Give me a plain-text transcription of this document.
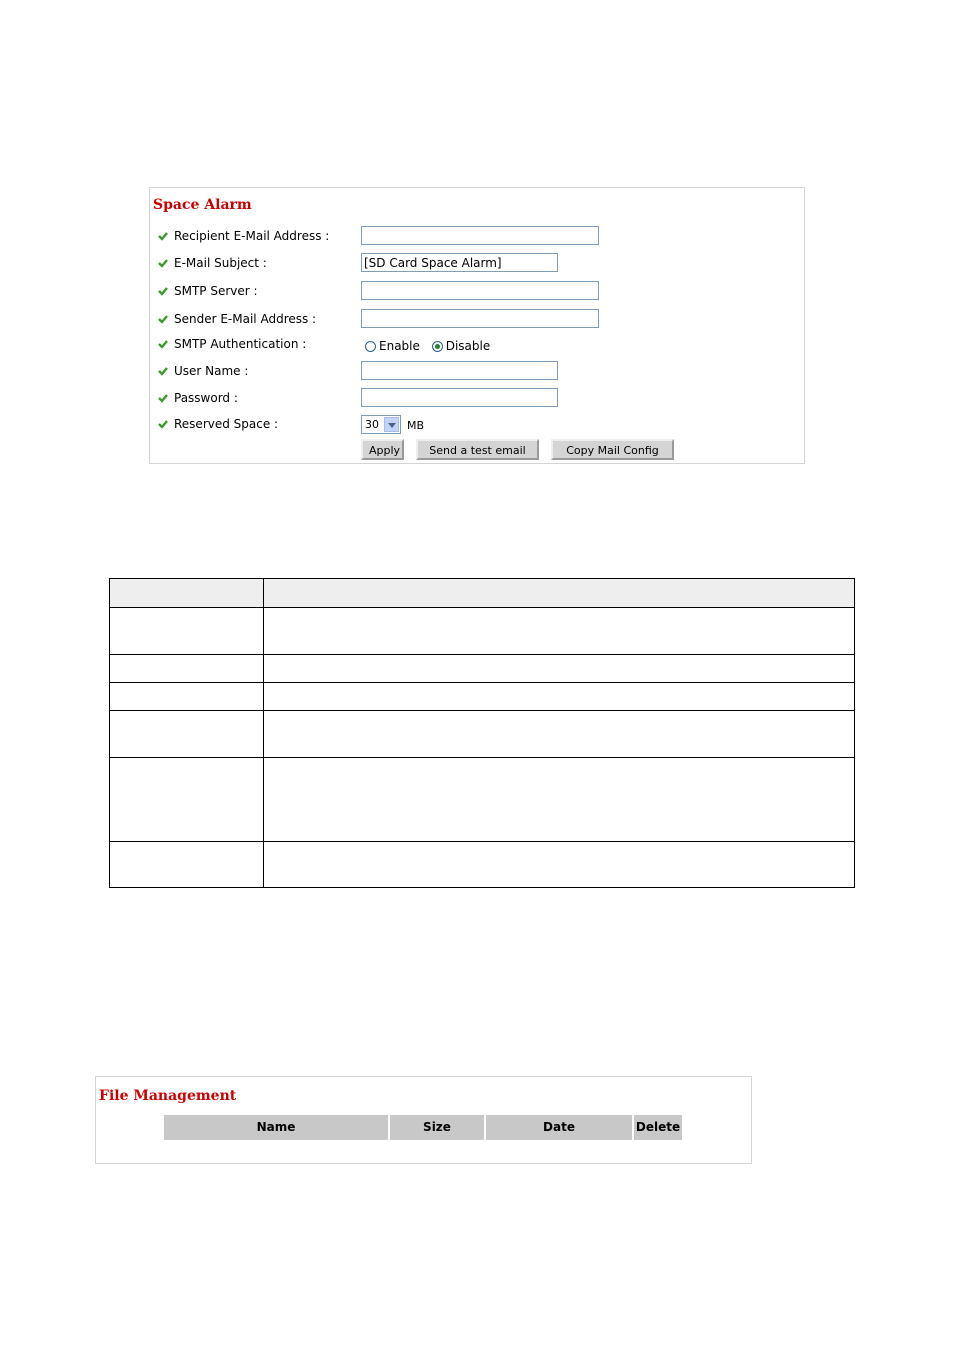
Space Alarm
Recipient E-Mail Address :
E-Mail Subject :
[SD Card Space Alarm]
SMTP Server :
Sender E-Mail Address :
SMTP Authentication :	Enable Disable
User Name :
Password :
Reserved Space :	30	MB
Apply	Send a test email	Copy Mail Config

File Management
Name	Size	Date	Delete
